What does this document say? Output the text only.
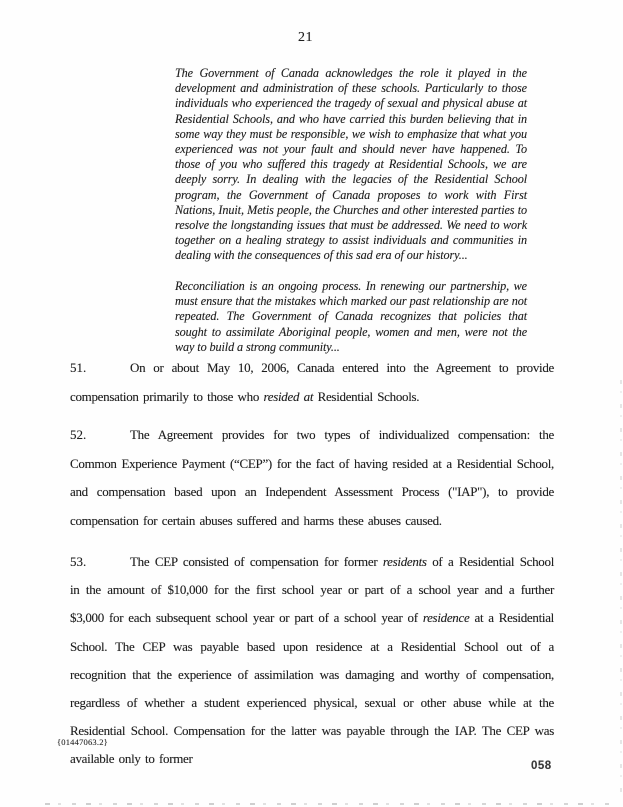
21
The Government of Canada acknowledges the role it played in the development and administration of these schools. Particularly to those individuals who experienced the tragedy of sexual and physical abuse at Residential Schools, and who have carried this burden believing that in some way they must be responsible, we wish to emphasize that what you experienced was not your fault and should never have happened. To those of you who suffered this tragedy at Residential Schools, we are deeply sorry. In dealing with the legacies of the Residential School program, the Government of Canada proposes to work with First Nations, Inuit, Metis people, the Churches and other interested parties to resolve the longstanding issues that must be addressed. We need to work together on a healing strategy to assist individuals and communities in dealing with the consequences of this sad era of our history...
Reconciliation is an ongoing process. In renewing our partnership, we must ensure that the mistakes which marked our past relationship are not repeated. The Government of Canada recognizes that policies that sought to assimilate Aboriginal people, women and men, were not the way to build a strong community...
51.	On or about May 10, 2006, Canada entered into the Agreement to provide compensation primarily to those who resided at Residential Schools.
52.	The Agreement provides for two types of individualized compensation: the Common Experience Payment (“CEP”) for the fact of having resided at a Residential School, and compensation based upon an Independent Assessment Process ("IAP"), to provide compensation for certain abuses suffered and harms these abuses caused.
53.	The CEP consisted of compensation for former residents of a Residential School in the amount of $10,000 for the first school year or part of a school year and a further $3,000 for each subsequent school year or part of a school year of residence at a Residential School. The CEP was payable based upon residence at a Residential School out of a recognition that the experience of assimilation was damaging and worthy of compensation, regardless of whether a student experienced physical, sexual or other abuse while at the Residential School. Compensation for the latter was payable through the IAP. The CEP was available only to former
{01447063.2}
058
